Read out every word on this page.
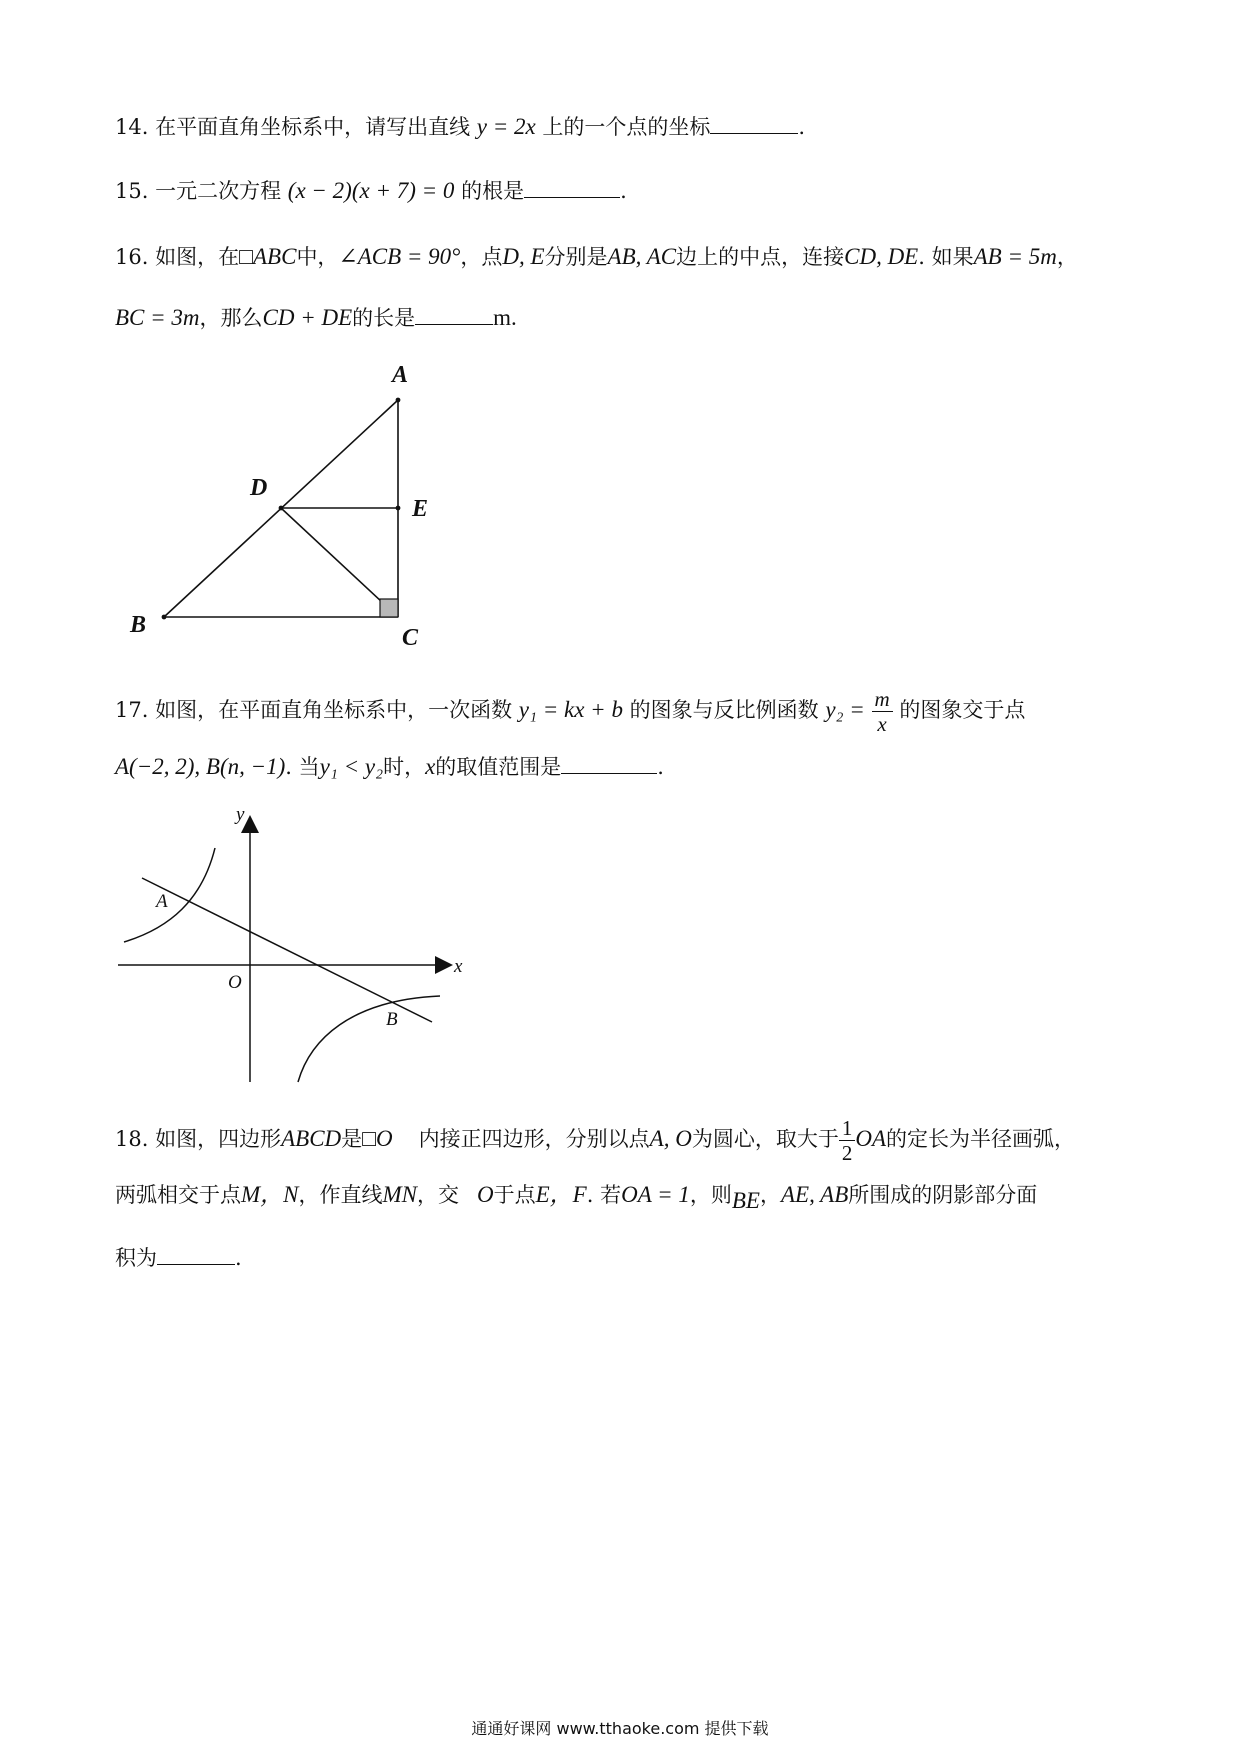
14. 在平面直角坐标系中，请写出直线 y = 2x 上的一个点的坐标	.
15. 一元二次方程 (x − 2)(x + 7) = 0 的根是	.
16. 如图，在□ABC中，∠ACB = 90°，点D, E分别是AB, AC边上的中点，连接CD, DE. 如果AB = 5m，
BC = 3m，那么CD + DE的长是	m.
A
B	C
D
E
17. 如图，在平面直角坐标系中，一次函数 y₁ = kx + b 的图象与反比例函数 $y_2 = \frac{m}{x}$ 的图象交于点
A(−2, 2), B(n, −1). 当y₁ < y₂时，x的取值范围是	.
y
x
O
A
B
18. 如图，四边形ABCD是□O 内接正四边形，分别以点A, O为圆心，取大于 $\frac{1}{2}$ OA的定长为半径画弧，
两弧相交于点M，N，作直线MN，交 O于点E，F. 若OA = 1，则BE，AE, AB所围成的阴影部分面
积为	.
通通好课网 www.tthaoke.com 提供下载
